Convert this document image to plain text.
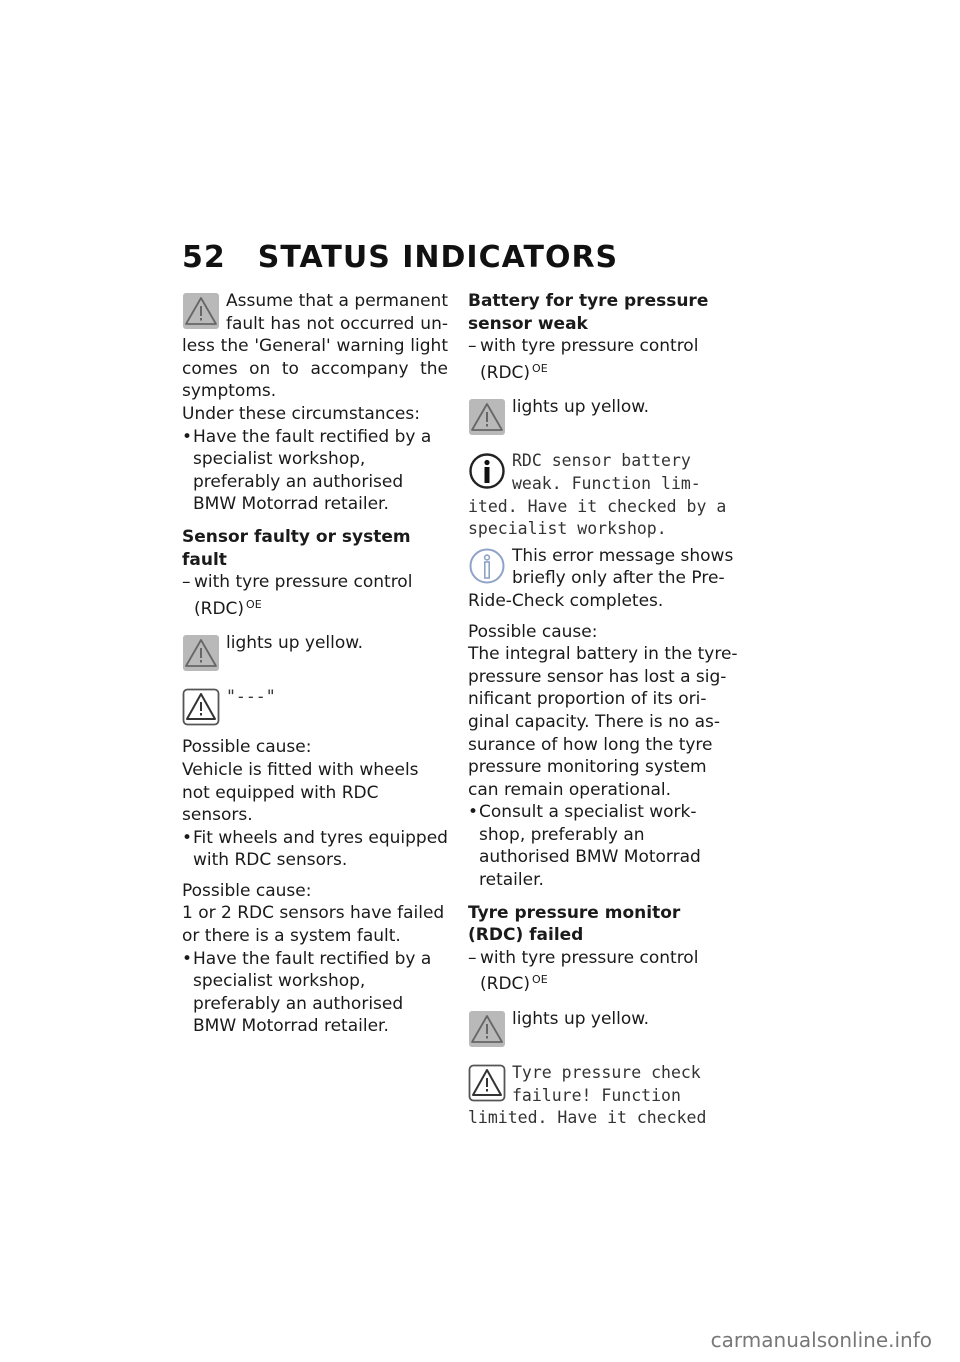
52 STATUS INDICATORS

Assume that a permanent fault has not occurred un-less the 'General' warning light comes on to accompany the symptoms.

Under these circumstances:

• Have the fault rectified by a specialist workshop, preferably an authorised BMW Motorrad retailer.

Sensor faulty or system fault

– with tyre pressure control (RDC) $^{OE}$
lights up yellow.
"---"

Possible cause:

Vehicle is fitted with wheels not equipped with RDC sensors.

• Fit wheels and tyres equipped with RDC sensors.

Possible cause:

1 or 2 RDC sensors have failed or there is a system fault.

• Have the fault rectified by a specialist workshop, preferably an authorised BMW Motorrad retailer.

Battery for tyre pressure sensor weak

– with tyre pressure control (RDC) $^{OE}$
lights up yellow.
RDC sensor battery weak. Function lim-ited. Have it checked by a specialist workshop.
This error message shows briefly only after the Pre-Ride-Check completes.

Possible cause:

The integral battery in the tyre-pressure sensor has lost a sig-nificant proportion of its ori-ginal capacity. There is no as-surance of how long the tyre pressure monitoring system can remain operational.

• Consult a specialist work-shop, preferably an authorised BMW Motorrad retailer.

Tyre pressure monitor (RDC) failed

– with tyre pressure control (RDC) $^{OE}$
lights up yellow.
Tyre pressure check failure! Function limited. Have it checked
carmanualsonline.info
